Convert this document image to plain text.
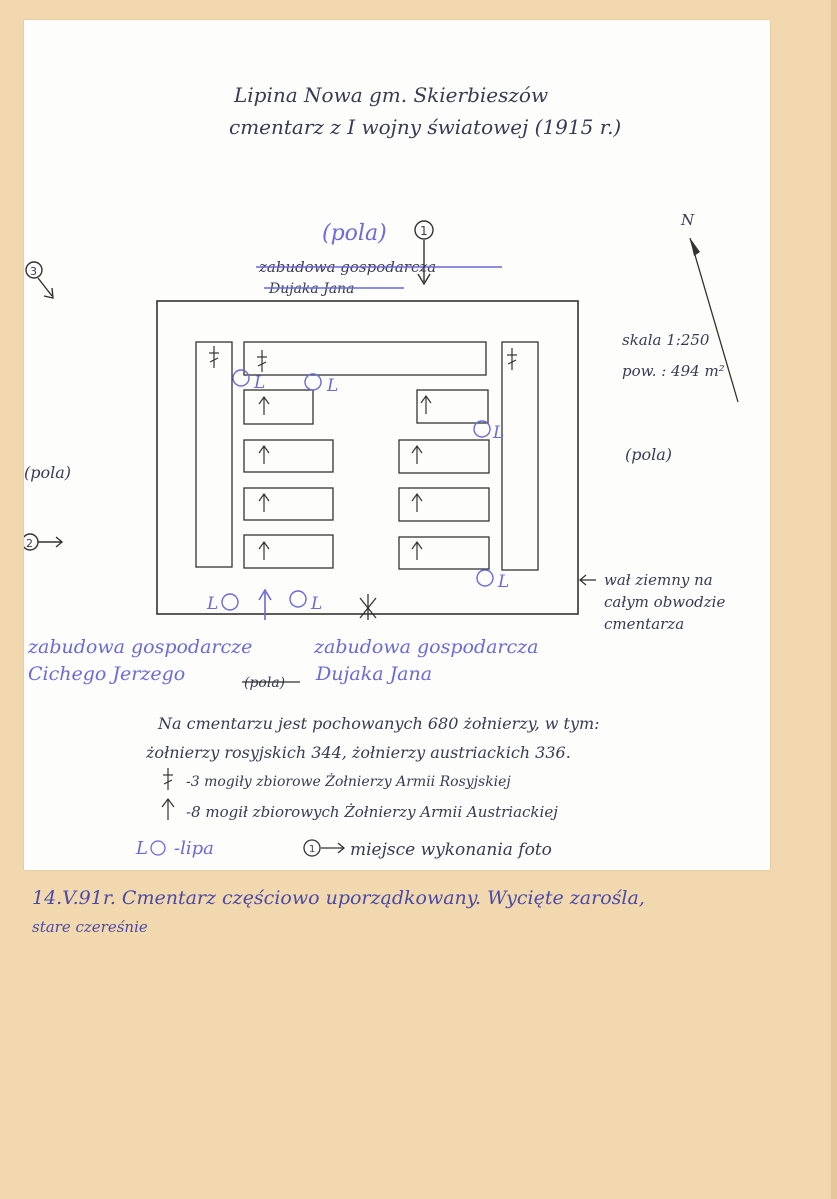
Lipina Nowa gm. Skierbieszów
cmentarz z I wojny światowej (1915 r.)
(pola)
zabudowa gospodarcza
Dujaka Jana
1
3
2
N
skala 1:250
pow. : 494 m²
L	L
L
L
L	L
(pola)
(pola)
wał ziemny na
całym obwodzie
cmentarza
zabudowa gospodarcze
Cichego Jerzego	(pola)
zabudowa gospodarcza
Dujaka Jana
Na cmentarzu jest pochowanych 680 żołnierzy, w tym:
żołnierzy rosyjskich 344, żołnierzy austriackich 336.
-3 mogiły zbiorowe Żołnierzy Armii Rosyjskiej
-8 mogił zbiorowych Żołnierzy Armii Austriackiej
L -lipa	1 miejsce wykonania foto
14.V.91r. Cmentarz częściowo uporządkowany. Wycięte zarośla,
stare czereśnie
